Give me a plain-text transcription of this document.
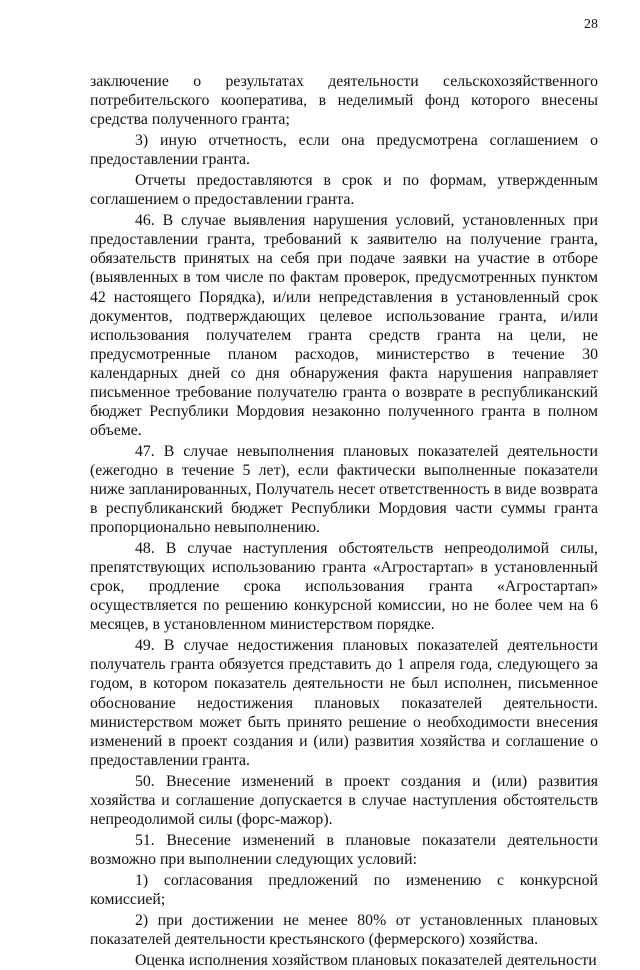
28

заключение о результатах деятельности сельскохозяйственного потребительского кооператива, в неделимый фонд которого внесены средства полученного гранта;

3) иную отчетность, если она предусмотрена соглашением о предоставлении гранта.

Отчеты предоставляются в срок и по формам, утвержденным соглашением о предоставлении гранта.

46. В случае выявления нарушения условий, установленных при предоставлении гранта, требований к заявителю на получение гранта, обязательств принятых на себя при подаче заявки на участие в отборе (выявленных в том числе по фактам проверок, предусмотренных пунктом 42 настоящего Порядка), и/или непредставления в установленный срок документов, подтверждающих целевое использование гранта, и/или использования получателем гранта средств гранта на цели, не предусмотренные планом расходов, министерство в течение 30 календарных дней со дня обнаружения факта нарушения направляет письменное требование получателю гранта о возврате в республиканский бюджет Республики Мордовия незаконно полученного гранта в полном объеме.

47. В случае невыполнения плановых показателей деятельности (ежегодно в течение 5 лет), если фактически выполненные показатели ниже запланированных, Получатель несет ответственность в виде возврата в республиканский бюджет Республики Мордовия части суммы гранта пропорционально невыполнению.

48. В случае наступления обстоятельств непреодолимой силы, препятствующих использованию гранта «Агростартап» в установленный срок, продление срока использования гранта «Агростартап» осуществляется по решению конкурсной комиссии, но не более чем на 6 месяцев, в установленном министерством порядке.

49. В случае недостижения плановых показателей деятельности получатель гранта обязуется представить до 1 апреля года, следующего за годом, в котором показатель деятельности не был исполнен, письменное обоснование недостижения плановых показателей деятельности. министерством может быть принято решение о необходимости внесения изменений в проект создания и (или) развития хозяйства и соглашение о предоставлении гранта.

50. Внесение изменений в проект создания и (или) развития хозяйства и соглашение допускается в случае наступления обстоятельств непреодолимой силы (форс-мажор).

51. Внесение изменений в плановые показатели деятельности возможно при выполнении следующих условий:

1) согласования предложений по изменению с конкурсной комиссией;

2) при достижении не менее 80% от установленных плановых показателей деятельности крестьянского (фермерского) хозяйства.

Оценка исполнения хозяйством плановых показателей деятельности
